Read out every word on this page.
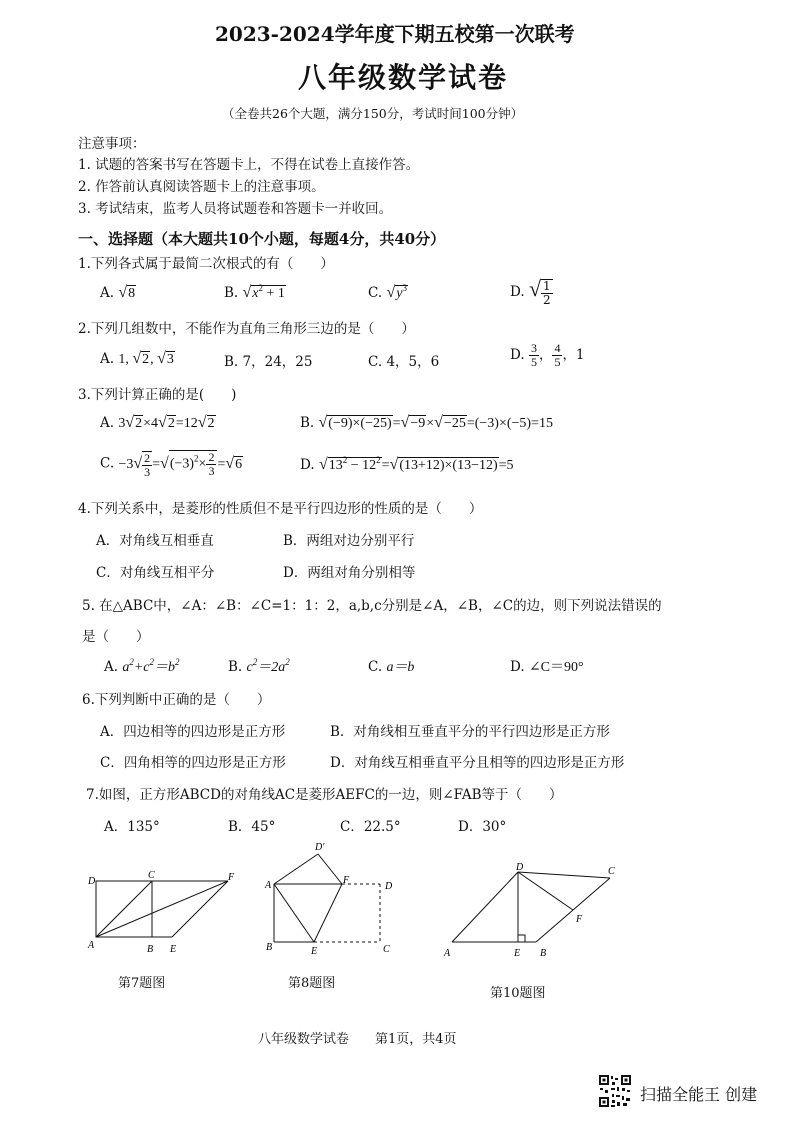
2023-2024学年度下期五校第一次联考
八年级数学试卷
（全卷共26个大题，满分150分，考试时间100分钟）
注意事项：
1. 试题的答案书写在答题卡上，不得在试卷上直接作答。
2. 作答前认真阅读答题卡上的注意事项。
3. 考试结束，监考人员将试题卷和答题卡一并收回。
一、选择题（本大题共10个小题，每题4分，共40分）
1.下列各式属于最简二次根式的有（　　）
A. √8	B. $√x^2 + 1$	C. $√y^3$	D. √ $\frac{1}{2}$
2.下列几组数中，不能作为直角三角形三边的是（　　）
A. 1, √2, √3	B. 7，24，25	C. 4，5，6	D. $\frac{3}{5}$ ， $\frac{4}{5}$ ，1
3.下列计算正确的是(　　)
A. 3√2×4√2=12√2	B. √(−9)×(−25)=√−9×√−25=(−3)×(−5)=15
C. $-3√ \frac{2}{3} =√(-3)^2\times \frac{2}{3} =√6$	D. $√13^2 - 12^2=√(13+12)\times(13-12)=5$
4.下列关系中，是菱形的性质但不是平行四边形的性质的是（　　）
A．对角线互相垂直	B．两组对边分别平行
C．对角线互相平分	D．两组对角分别相等
5. 在△ABC中，∠A：∠B：∠C=1：1：2，a,b,c分别是∠A，∠B，∠C的边，则下列说法错误的
是（　　）
A. $a^2+c^2=b^2$	B. $c^2=2a^2$	C. a＝b	D. ∠C＝90°
6.下列判断中正确的是（　　）
A．四边相等的四边形是正方形	B．对角线相互垂直平分的平行四边形是正方形
C．四角相等的四边形是正方形	D．对角线互相垂直平分且相等的四边形是正方形
7.如图，正方形ABCD的对角线AC是菱形AEFC的一边，则∠FAB等于（　　）
A．135°	B．45°	C．22.5°	D．30°
D
C	F
A	B E
第7题图
D'
A	F
D
B	E	C
第8题图
D	C
F
A	E B
第10题图
八年级数学试卷　　第1页，共4页
扫描全能王 创建
